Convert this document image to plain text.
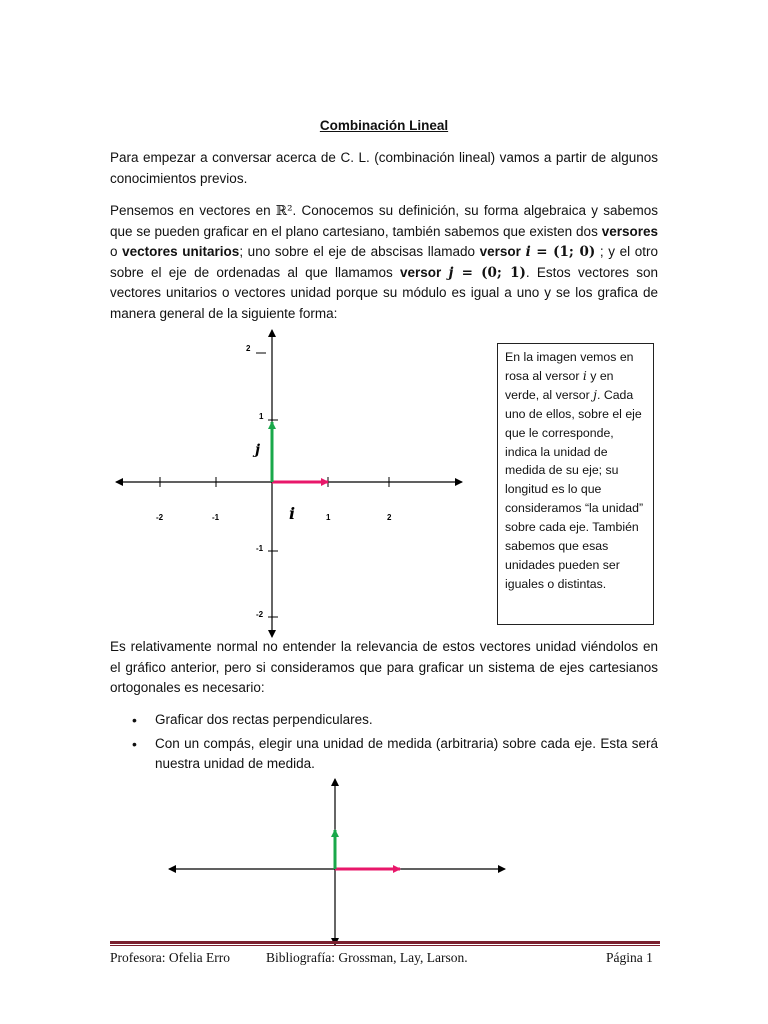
Combinación Lineal

Para empezar a conversar acerca de C. L. (combinación lineal) vamos a partir de algunos conocimientos previos.

Pensemos en vectores en ℝ². Conocemos su definición, su forma algebraica y sabemos que se pueden graficar en el plano cartesiano, también sabemos que existen dos versores o vectores unitarios; uno sobre el eje de abscisas llamado versor i = (1; 0) ; y el otro sobre el eje de ordenadas al que llamamos versor j = (0; 1). Estos vectores son vectores unitarios o vectores unidad porque su módulo es igual a uno y se los grafica de manera general de la siguiente forma:

-2	-1	1	2
2
1
-1
-2
i
j
En la imagen vemos en rosa al versor i y en verde, al versor j. Cada uno de ellos, sobre el eje que le corresponde, indica la unidad de medida de su eje; su longitud es lo que consideramos “la unidad” sobre cada eje. También sabemos que esas unidades pueden ser iguales o distintas.

Es relativamente normal no entender la relevancia de estos vectores unidad viéndolos en el gráfico anterior, pero si consideramos que para graficar un sistema de ejes cartesianos ortogonales es necesario:

• Graficar dos rectas perpendiculares.
• Con un compás, elegir una unidad de medida (arbitraria) sobre cada eje. Esta será nuestra unidad de medida.
Profesora: Ofelia Erro	Bibliografía: Grossman, Lay, Larson.	Página 1
